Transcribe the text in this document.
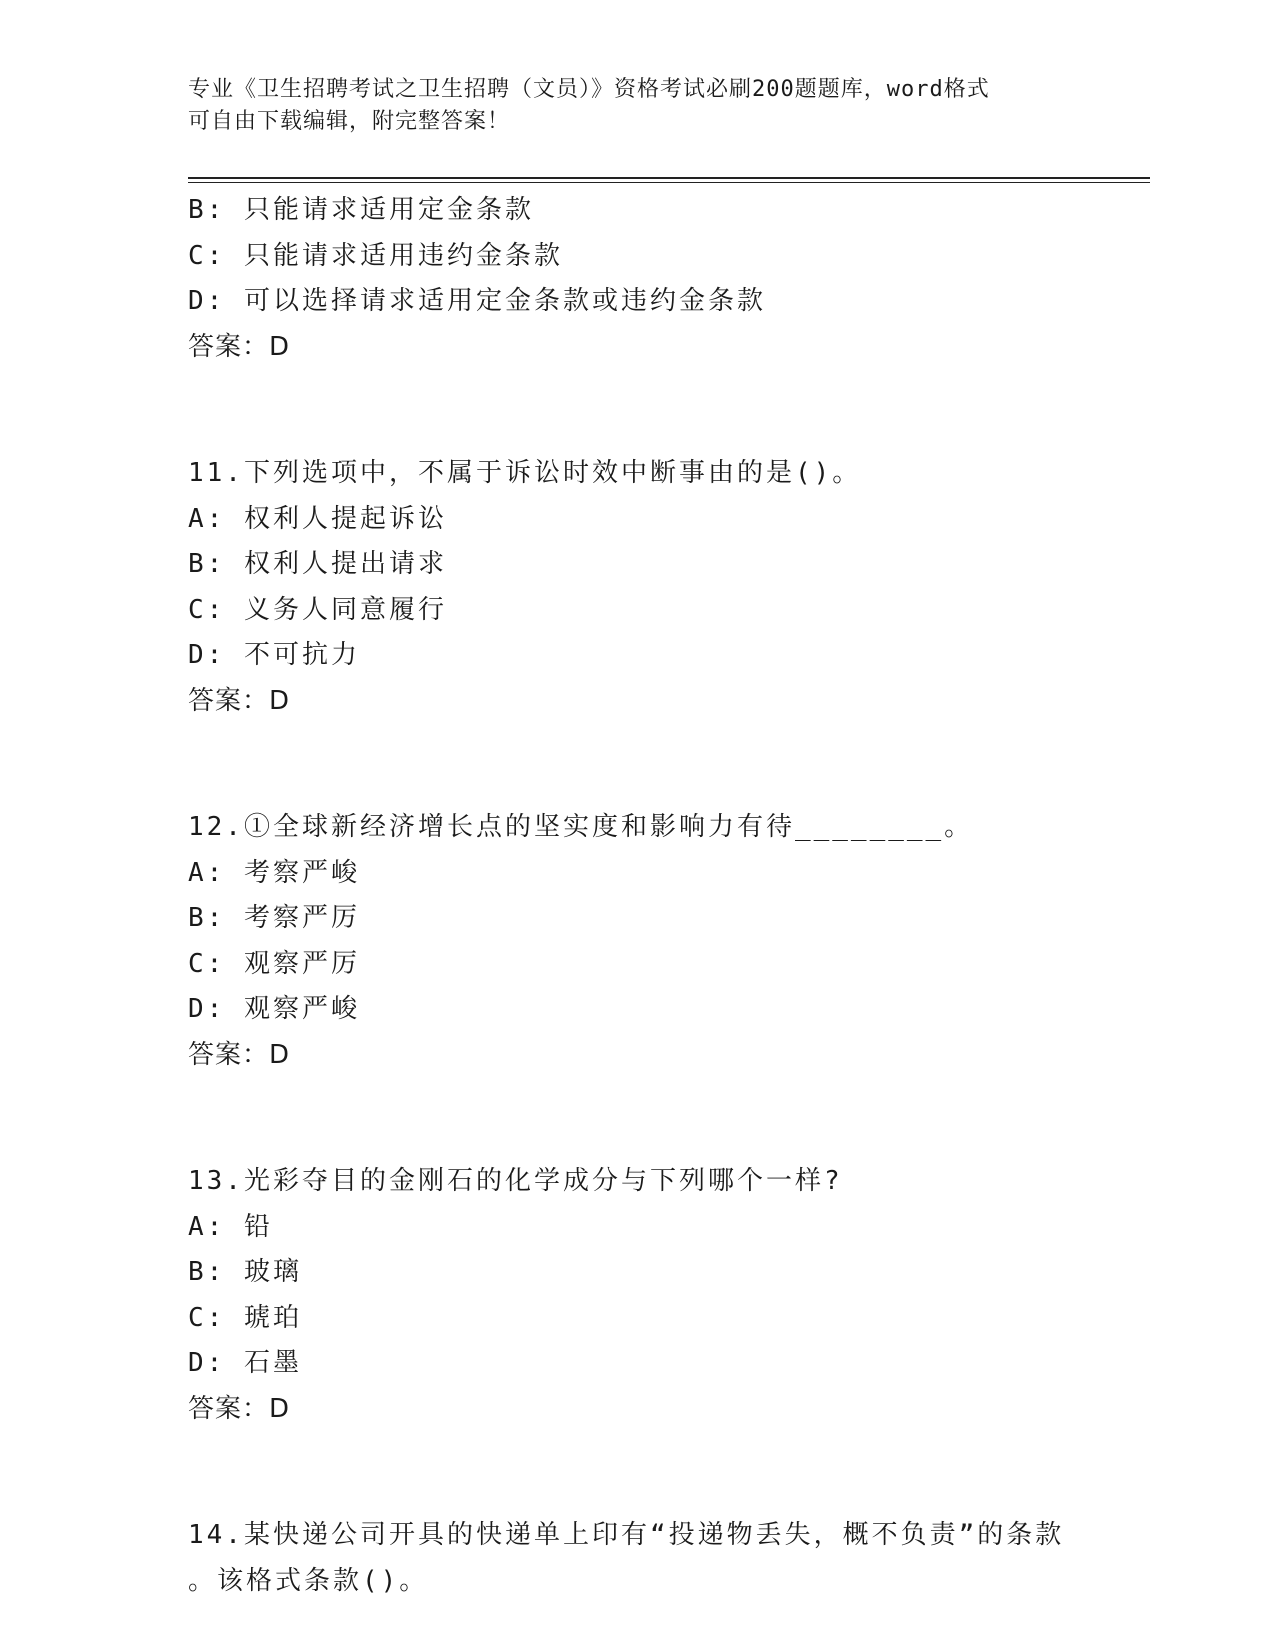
专业《卫生招聘考试之卫生招聘（文员）》资格考试必刷200题题库，word格式
可自由下载编辑，附完整答案！
B: 只能请求适用定金条款
C: 只能请求适用违约金条款
D: 可以选择请求适用定金条款或违约金条款
答案：D
11.下列选项中，不属于诉讼时效中断事由的是()。
A: 权利人提起诉讼
B: 权利人提出请求
C: 义务人同意履行
D: 不可抗力
答案：D
12.①全球新经济增长点的坚实度和影响力有待________。
A: 考察严峻
B: 考察严厉
C: 观察严厉
D: 观察严峻
答案：D
13.光彩夺目的金刚石的化学成分与下列哪个一样?
A: 铅
B: 玻璃
C: 琥珀
D: 石墨
答案：D
14.某快递公司开具的快递单上印有“投递物丢失，概不负责”的条款
。该格式条款()。
